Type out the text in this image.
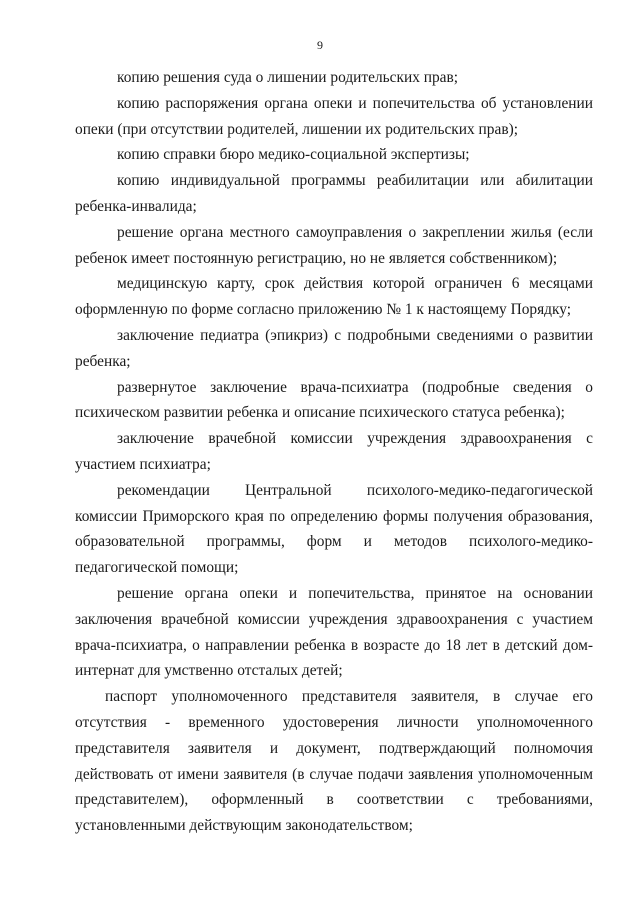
9

копию решения суда о лишении родительских прав;

копию распоряжения органа опеки и попечительства об установлении опеки (при отсутствии родителей, лишении их родительских прав);

копию справки бюро медико-социальной экспертизы;

копию индивидуальной программы реабилитации или абилитации ребенка-инвалида;

решение органа местного самоуправления о закреплении жилья (если ребенок имеет постоянную регистрацию, но не является собственником);

медицинскую карту, срок действия которой ограничен 6 месяцами оформленную по форме согласно приложению № 1 к настоящему Порядку;

заключение педиатра (эпикриз) с подробными сведениями о развитии ребенка;

развернутое заключение врача-психиатра (подробные сведения о психическом развитии ребенка и описание психического статуса ребенка);

заключение врачебной комиссии учреждения здравоохранения с участием психиатра;

рекомендации Центральной психолого-медико-педагогической комиссии Приморского края по определению формы получения образования, образовательной программы, форм и методов психолого-медико-педагогической помощи;

решение органа опеки и попечительства, принятое на основании заключения врачебной комиссии учреждения здравоохранения с участием врача-психиатра, о направлении ребенка в возрасте до 18 лет в детский дом-интернат для умственно отсталых детей;

паспорт уполномоченного представителя заявителя, в случае его отсутствия - временного удостоверения личности уполномоченного представителя заявителя и документ, подтверждающий полномочия действовать от имени заявителя (в случае подачи заявления уполномоченным представителем), оформленный в соответствии с требованиями, установленными действующим законодательством;
